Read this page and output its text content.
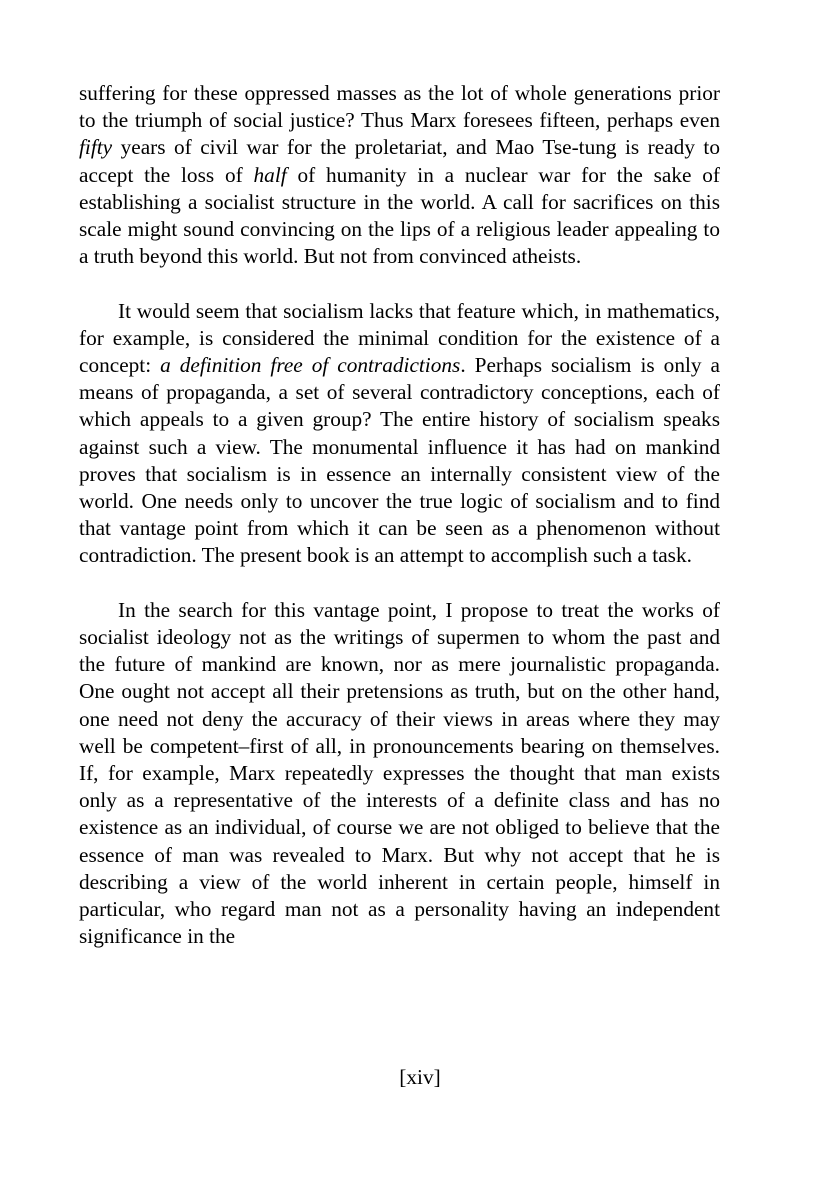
suffering for these oppressed masses as the lot of whole generations prior to the triumph of social justice? Thus Marx foresees fifteen, perhaps even fifty years of civil war for the proletariat, and Mao Tse-tung is ready to accept the loss of half of humanity in a nuclear war for the sake of establishing a socialist structure in the world. A call for sacrifices on this scale might sound convincing on the lips of a religious leader appealing to a truth beyond this world. But not from convinced atheists.

It would seem that socialism lacks that feature which, in mathematics, for example, is considered the minimal condition for the existence of a concept: a definition free of contradictions. Perhaps socialism is only a means of propaganda, a set of several contradictory conceptions, each of which appeals to a given group? The entire history of socialism speaks against such a view. The monumental influence it has had on mankind proves that socialism is in essence an internally consistent view of the world. One needs only to uncover the true logic of socialism and to find that vantage point from which it can be seen as a phenomenon without contradiction. The present book is an attempt to accomplish such a task.

In the search for this vantage point, I propose to treat the works of socialist ideology not as the writings of supermen to whom the past and the future of mankind are known, nor as mere journalistic propaganda. One ought not accept all their pretensions as truth, but on the other hand, one need not deny the accuracy of their views in areas where they may well be competent–first of all, in pronouncements bearing on themselves. If, for example, Marx repeatedly expresses the thought that man exists only as a representative of the interests of a definite class and has no existence as an individual, of course we are not obliged to believe that the essence of man was revealed to Marx. But why not accept that he is describing a view of the world inherent in certain people, himself in particular, who regard man not as a personality having an independent significance in the

[xiv]
